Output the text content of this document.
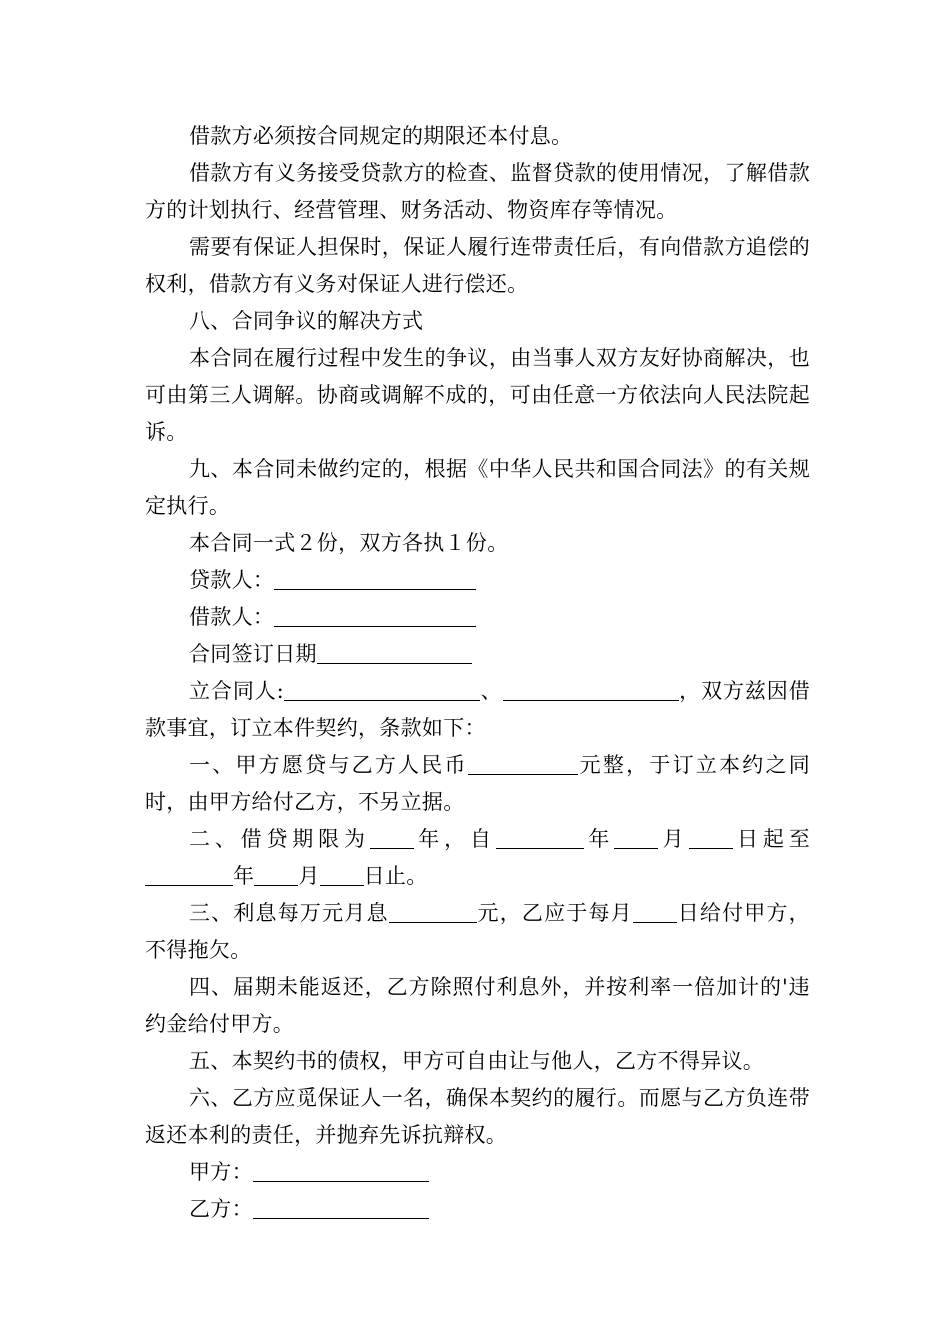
借款方必须按合同规定的期限还本付息。

借款方有义务接受贷款方的检查、监督贷款的使用情况，了解借款方的计划执行、经营管理、财务活动、物资库存等情况。

需要有保证人担保时，保证人履行连带责任后，有向借款方追偿的权利，借款方有义务对保证人进行偿还。

八、合同争议的解决方式

本合同在履行过程中发生的争议，由当事人双方友好协商解决，也可由第三人调解。协商或调解不成的，可由任意一方依法向人民法院起诉。

九、本合同未做约定的，根据《中华人民共和国合同法》的有关规定执行。

本合同一式２份，双方各执１份。

贷款人：

借款人：

合同签订日期

立合同人:	、	，双方兹因借款事宜，订立本件契约，条款如下：

一、甲方愿贷与乙方人民币	元整，于订立本约之同时，由甲方给付乙方，不另立据。

二、借贷期限为 年，自	年 月 日起至年 月 日止。

三、利息每万元月息	元，乙应于每月 日给付甲方，不得拖欠。

四、届期未能返还，乙方除照付利息外，并按利率一倍加计的'违约金给付甲方。

五、本契约书的债权，甲方可自由让与他人，乙方不得异议。

六、乙方应觅保证人一名，确保本契约的履行。而愿与乙方负连带返还本利的责任，并抛弃先诉抗辩权。

甲方：

乙方：
